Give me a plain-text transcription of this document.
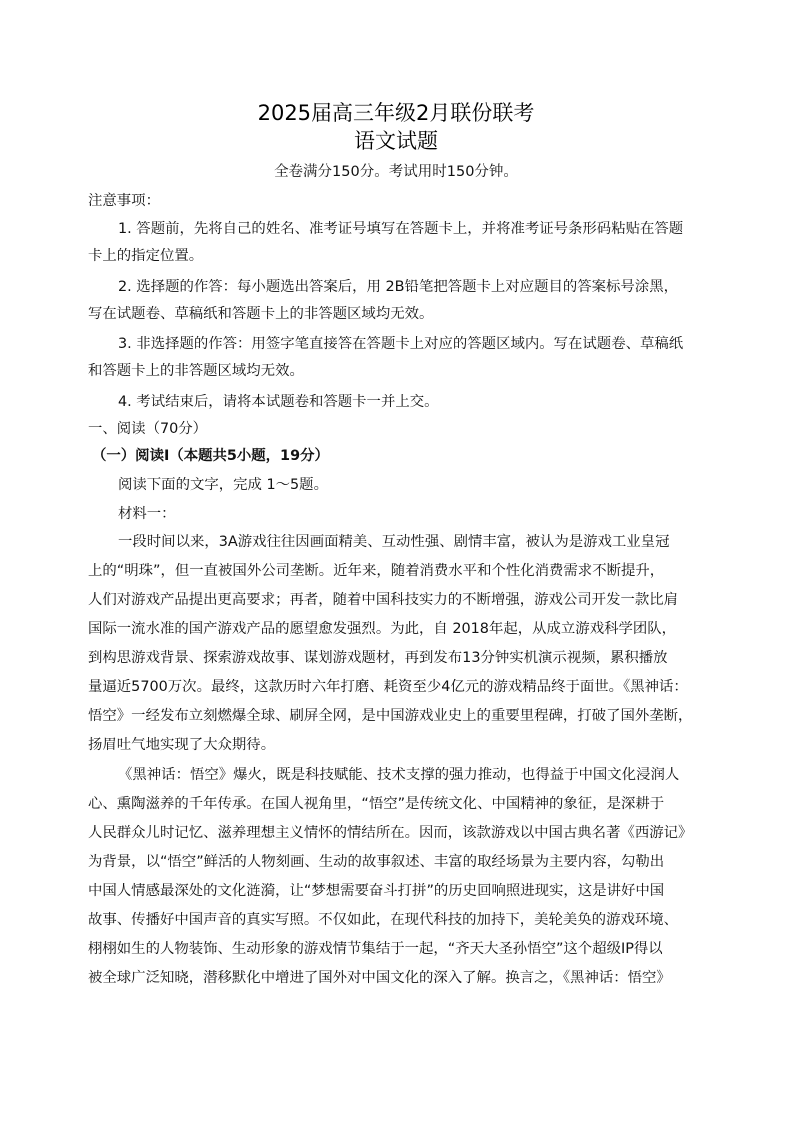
2025届高三年级2月联份联考
语文试题
全卷满分150分。考试用时150分钟。
注意事项：
1. 答题前，先将自己的姓名、准考证号填写在答题卡上，并将准考证号条形码粘贴在答题
卡上的指定位置。
2. 选择题的作答：每小题选出答案后，用 2B铅笔把答题卡上对应题目的答案标号涂黑，
写在试题卷、草稿纸和答题卡上的非答题区域均无效。
3. 非选择题的作答：用签字笔直接答在答题卡上对应的答题区域内。写在试题卷、草稿纸
和答题卡上的非答题区域均无效。
4. 考试结束后，请将本试题卷和答题卡一并上交。
一、阅读（70分）
（一）阅读Ⅰ（本题共5小题，19分）
阅读下面的文字，完成 1～5题。
材料一：
一段时间以来，3A游戏往往因画面精美、互动性强、剧情丰富，被认为是游戏工业皇冠
上的“明珠”，但一直被国外公司垄断。近年来，随着消费水平和个性化消费需求不断提升，
人们对游戏产品提出更高要求；再者，随着中国科技实力的不断增强，游戏公司开发一款比肩
国际一流水准的国产游戏产品的愿望愈发强烈。为此，自 2018年起，从成立游戏科学团队，
到构思游戏背景、探索游戏故事、谋划游戏题材，再到发布13分钟实机演示视频，累积播放
量逼近5700万次。最终，这款历时六年打磨、耗资至少4亿元的游戏精品终于面世。《黑神话：
悟空》一经发布立刻燃爆全球、刷屏全网，是中国游戏业史上的重要里程碑，打破了国外垄断，
扬眉吐气地实现了大众期待。
《黑神话：悟空》爆火，既是科技赋能、技术支撑的强力推动，也得益于中国文化浸润人
心、熏陶滋养的千年传承。在国人视角里，“悟空”是传统文化、中国精神的象征，是深耕于
人民群众儿时记忆、滋养理想主义情怀的情结所在。因而，该款游戏以中国古典名著《西游记》
为背景，以“悟空”鲜活的人物刻画、生动的故事叙述、丰富的取经场景为主要内容，勾勒出
中国人情感最深处的文化涟漪，让“梦想需要奋斗打拼”的历史回响照进现实，这是讲好中国
故事、传播好中国声音的真实写照。不仅如此，在现代科技的加持下，美轮美奂的游戏环境、
栩栩如生的人物装饰、生动形象的游戏情节集结于一起，“齐天大圣孙悟空”这个超级IP得以
被全球广泛知晓，潜移默化中增进了国外对中国文化的深入了解。换言之，《黑神话：悟空》
